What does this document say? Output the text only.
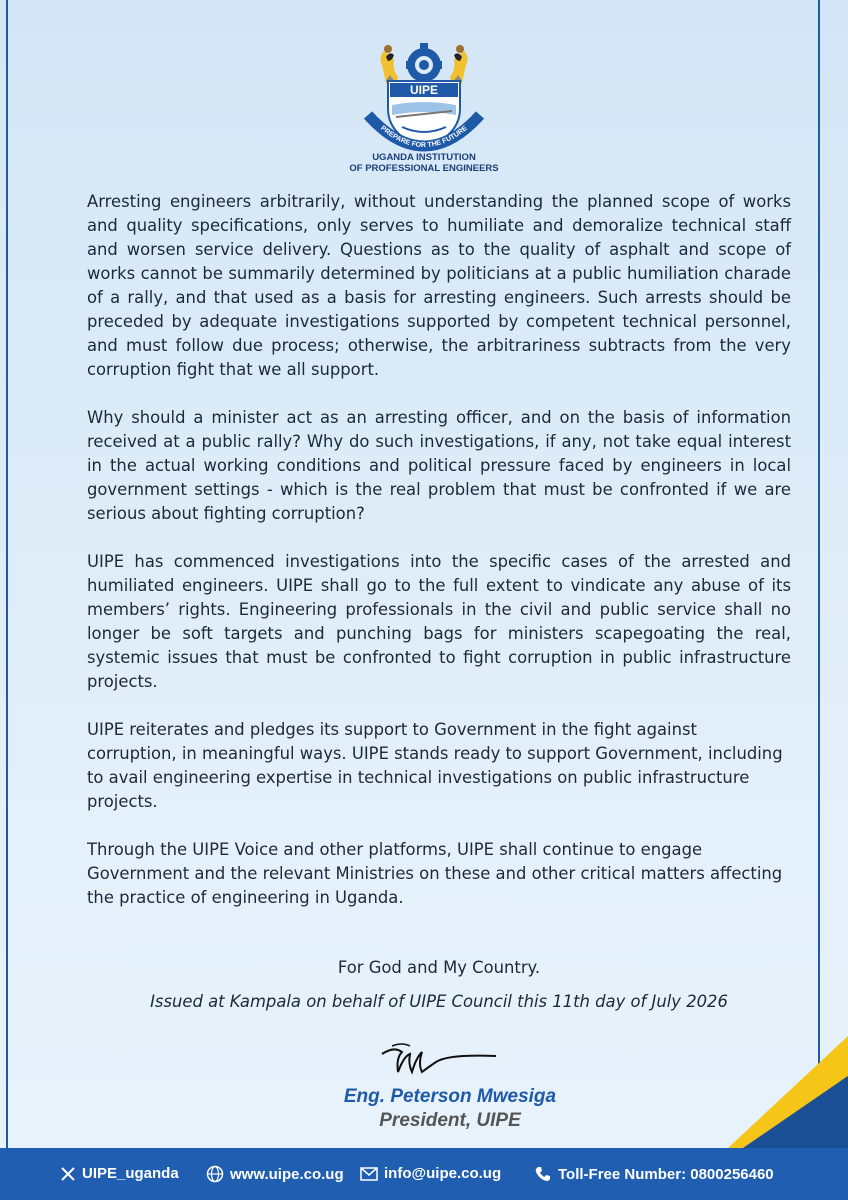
UIPE
PREPARE FOR THE FUTURE
UGANDA INSTITUTION
OF PROFESSIONAL ENGINEERS

Arresting engineers arbitrarily, without understanding the planned scope of works and quality specifications, only serves to humiliate and demoralize technical staff and worsen service delivery. Questions as to the quality of asphalt and scope of works cannot be summarily determined by politicians at a public humiliation charade of a rally, and that used as a basis for arresting engineers. Such arrests should be preceded by adequate investigations supported by competent technical personnel, and must follow due process; otherwise, the arbitrariness subtracts from the very corruption fight that we all support.

Why should a minister act as an arresting officer, and on the basis of information received at a public rally? Why do such investigations, if any, not take equal interest in the actual working conditions and political pressure faced by engineers in local government settings - which is the real problem that must be confronted if we are serious about fighting corruption?

UIPE has commenced investigations into the specific cases of the arrested and humiliated engineers. UIPE shall go to the full extent to vindicate any abuse of its members’ rights. Engineering professionals in the civil and public service shall no longer be soft targets and punching bags for ministers scapegoating the real, systemic issues that must be confronted to fight corruption in public infrastructure projects.

UIPE reiterates and pledges its support to Government in the fight against corruption, in meaningful ways. UIPE stands ready to support Government, including to avail engineering expertise in technical investigations on public infrastructure projects.

Through the UIPE Voice and other platforms, UIPE shall continue to engage Government and the relevant Ministries on these and other critical matters affecting the practice of engineering in Uganda.

For God and My Country.
Issued at Kampala on behalf of UIPE Council this 11th day of July 2026
Eng. Peterson Mwesiga
President, UIPE
UIPE_uganda	www.uipe.co.ug	info@uipe.co.ug	Toll-Free Number: 0800256460
